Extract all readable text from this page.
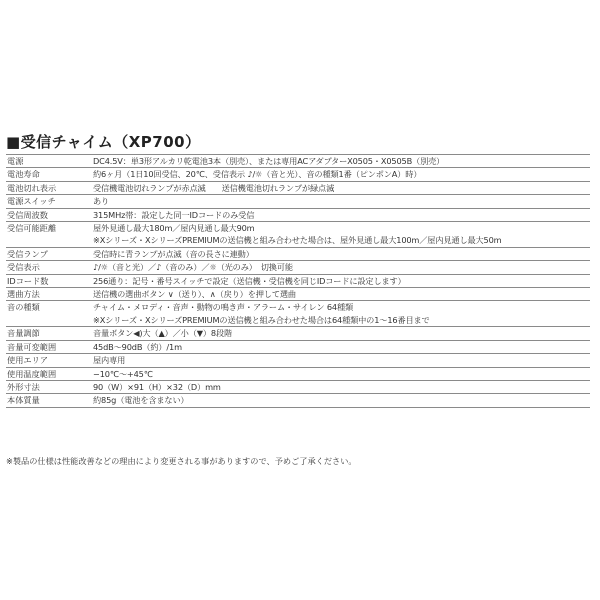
■受信チャイム（XP700）
電源	DC4.5V：単3形アルカリ乾電池3本（別売）、または専用ACアダプターX0505・X0505B（別売）
電池寿命	約6ヶ月（1日10回受信、20℃、受信表示 ♪/☼（音と光）、音の種類1番（ピンポンA）時）
電池切れ表示	受信機電池切れランプが赤点滅　　送信機電池切れランプが緑点滅
電源スイッチ	あり
受信周波数	315MHz帯：設定した同一IDコードのみ受信
受信可能距離	屋外見通し最大180m／屋内見通し最大90m
※Xシリーズ・XシリーズPREMIUMの送信機と組み合わせた場合は、屋外見通し最大100m／屋内見通し最大50m
受信ランプ	受信時に青ランプが点滅（音の長さに連動）
受信表示	♪/☼（音と光）／♪（音のみ）／☼（光のみ）　切換可能
IDコード数	256通り：記号・番号スイッチで設定（送信機・受信機を同じIDコードに設定します）
選曲方法	送信機の選曲ボタン ∨（送り）、∧（戻り）を押して選曲
音の種類	チャイム・メロディ・音声・動物の鳴き声・アラーム・サイレン 64種類
※Xシリーズ・XシリーズPREMIUMの送信機と組み合わせた場合は64種類中の1〜16番目まで
音量調節	音量ボタン◀)大（▲）／小（▼）8段階
音量可変範囲	45dB〜90dB（約）/1m
使用エリア	屋内専用
使用温度範囲	−10℃〜+45℃
外形寸法	90（W）×91（H）×32（D）mm
本体質量	約85g（電池を含まない）
※製品の仕様は性能改善などの理由により変更される事がありますので、予めご了承ください。
